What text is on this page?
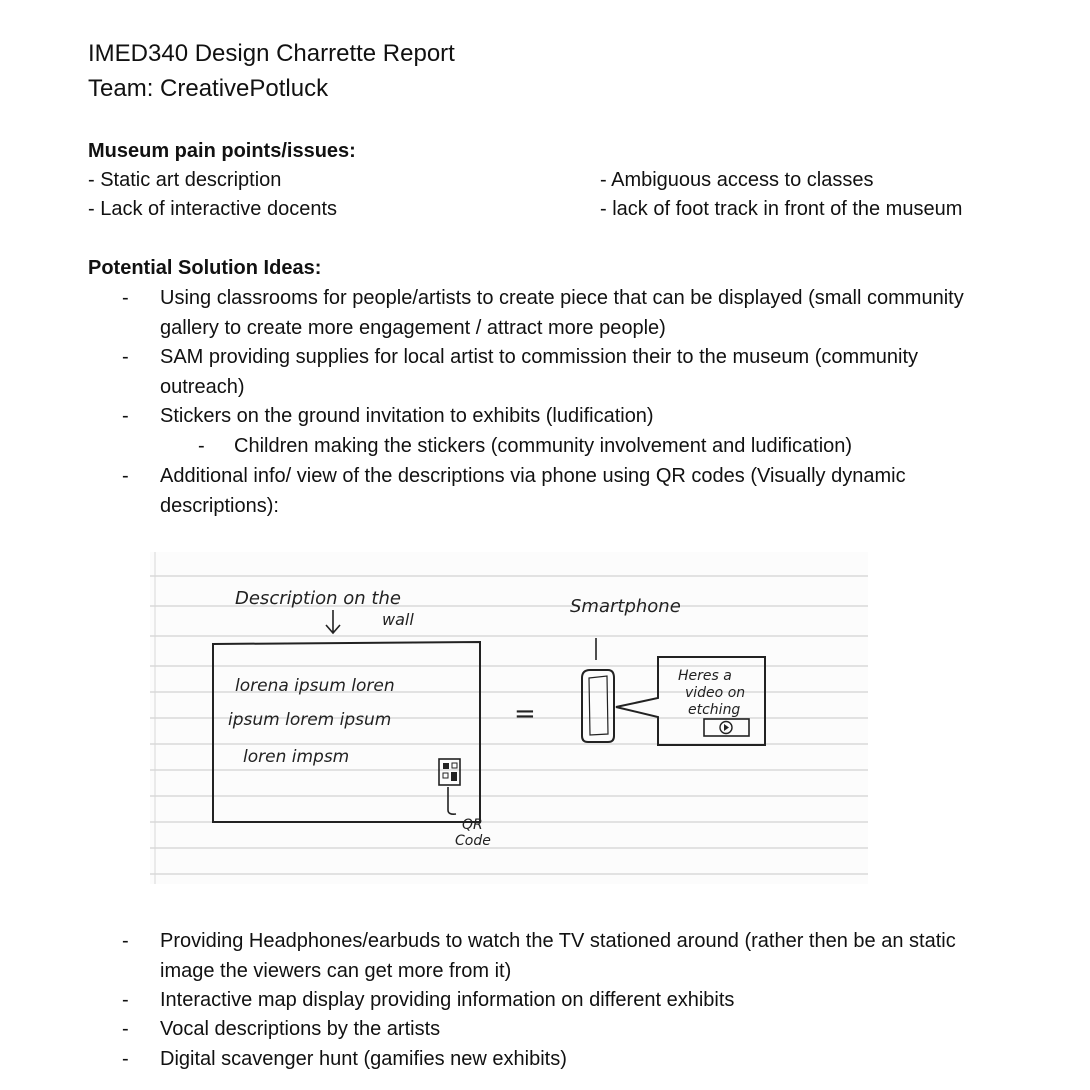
IMED340 Design Charrette Report
Team: CreativePotluck
Museum pain points/issues:
- Static art description
- Lack of interactive docents
- Ambiguous access to classes
- lack of foot track in front of the museum
Potential Solution Ideas:
- Using classrooms for people/artists to create piece that can be displayed (small community gallery to create more engagement / attract more people)
- SAM providing supplies for local artist to commission their to the museum (community outreach)
- Stickers on the ground invitation to exhibits (ludification)
- Children making the stickers (community involvement and ludification)
- Additional info/ view of the descriptions via phone using QR codes (Visually dynamic descriptions):
Description on the
wall
lorena ipsum loren
ipsum lorem ipsum
loren impsm
QR
Code
=
Smartphone
Heres a
video on
etching
- Providing Headphones/earbuds to watch the TV stationed around (rather then be an static image the viewers can get more from it)
- Interactive map display providing information on different exhibits
- Vocal descriptions by the artists
- Digital scavenger hunt (gamifies new exhibits)
